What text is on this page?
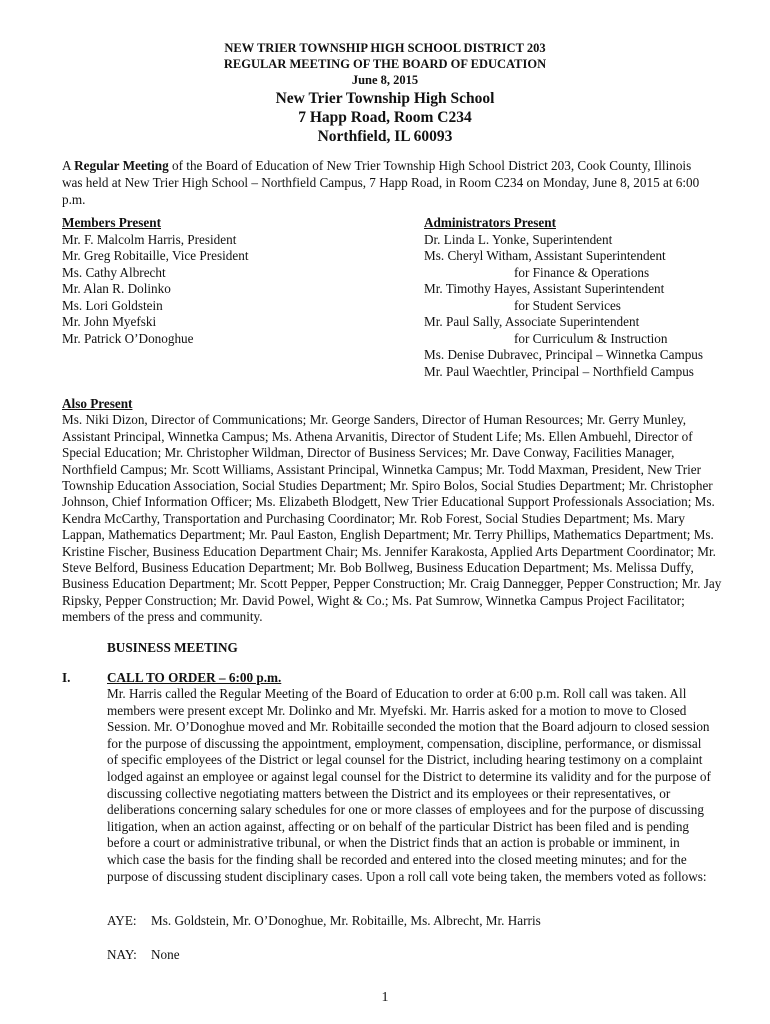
NEW TRIER TOWNSHIP HIGH SCHOOL DISTRICT 203
REGULAR MEETING OF THE BOARD OF EDUCATION
June 8, 2015
New Trier Township High School
7 Happ Road, Room C234
Northfield, IL 60093
A Regular Meeting of the Board of Education of New Trier Township High School District 203, Cook County, Illinois was held at New Trier High School – Northfield Campus, 7 Happ Road, in Room C234 on Monday, June 8, 2015 at 6:00 p.m.
Members Present
Mr. F. Malcolm Harris, President
Mr. Greg Robitaille, Vice President
Ms. Cathy Albrecht
Mr. Alan R. Dolinko
Ms. Lori Goldstein
Mr. John Myefski
Mr. Patrick O’Donoghue
Administrators Present
Dr. Linda L. Yonke, Superintendent
Ms. Cheryl Witham, Assistant Superintendent
for Finance & Operations
Mr. Timothy Hayes, Assistant Superintendent
for Student Services
Mr. Paul Sally, Associate Superintendent
for Curriculum & Instruction
Ms. Denise Dubravec, Principal – Winnetka Campus
Mr. Paul Waechtler, Principal – Northfield Campus
Also Present
Ms. Niki Dizon, Director of Communications; Mr. George Sanders, Director of Human Resources; Mr. Gerry Munley, Assistant Principal, Winnetka Campus; Ms. Athena Arvanitis, Director of Student Life; Ms. Ellen Ambuehl, Director of Special Education; Mr. Christopher Wildman, Director of Business Services; Mr. Dave Conway, Facilities Manager, Northfield Campus; Mr. Scott Williams, Assistant Principal, Winnetka Campus; Mr. Todd Maxman, President, New Trier Township Education Association, Social Studies Department; Mr. Spiro Bolos, Social Studies Department; Mr. Christopher Johnson, Chief Information Officer; Ms. Elizabeth Blodgett, New Trier Educational Support Professionals Association; Ms. Kendra McCarthy, Transportation and Purchasing Coordinator; Mr. Rob Forest, Social Studies Department; Ms. Mary Lappan, Mathematics Department; Mr. Paul Easton, English Department; Mr. Terry Phillips, Mathematics Department; Ms. Kristine Fischer, Business Education Department Chair; Ms. Jennifer Karakosta, Applied Arts Department Coordinator; Mr. Steve Belford, Business Education Department; Mr. Bob Bollweg, Business Education Department; Ms. Melissa Duffy, Business Education Department; Mr. Scott Pepper, Pepper Construction; Mr. Craig Dannegger, Pepper Construction; Mr. Jay Ripsky, Pepper Construction; Mr. David Powel, Wight & Co.; Ms. Pat Sumrow, Winnetka Campus Project Facilitator; members of the press and community.
BUSINESS MEETING
I.	CALL TO ORDER – 6:00 p.m.
Mr. Harris called the Regular Meeting of the Board of Education to order at 6:00 p.m. Roll call was taken. All members were present except Mr. Dolinko and Mr. Myefski. Mr. Harris asked for a motion to move to Closed Session. Mr. O’Donoghue moved and Mr. Robitaille seconded the motion that the Board adjourn to closed session for the purpose of discussing the appointment, employment, compensation, discipline, performance, or dismissal of specific employees of the District or legal counsel for the District, including hearing testimony on a complaint lodged against an employee or against legal counsel for the District to determine its validity and for the purpose of discussing collective negotiating matters between the District and its employees or their representatives, or deliberations concerning salary schedules for one or more classes of employees and for the purpose of discussing litigation, when an action against, affecting or on behalf of the particular District has been filed and is pending before a court or administrative tribunal, or when the District finds that an action is probable or imminent, in which case the basis for the finding shall be recorded and entered into the closed meeting minutes; and for the purpose of discussing student disciplinary cases. Upon a roll call vote being taken, the members voted as follows:
AYE: Ms. Goldstein, Mr. O’Donoghue, Mr. Robitaille, Ms. Albrecht, Mr. Harris
NAY: None
1
